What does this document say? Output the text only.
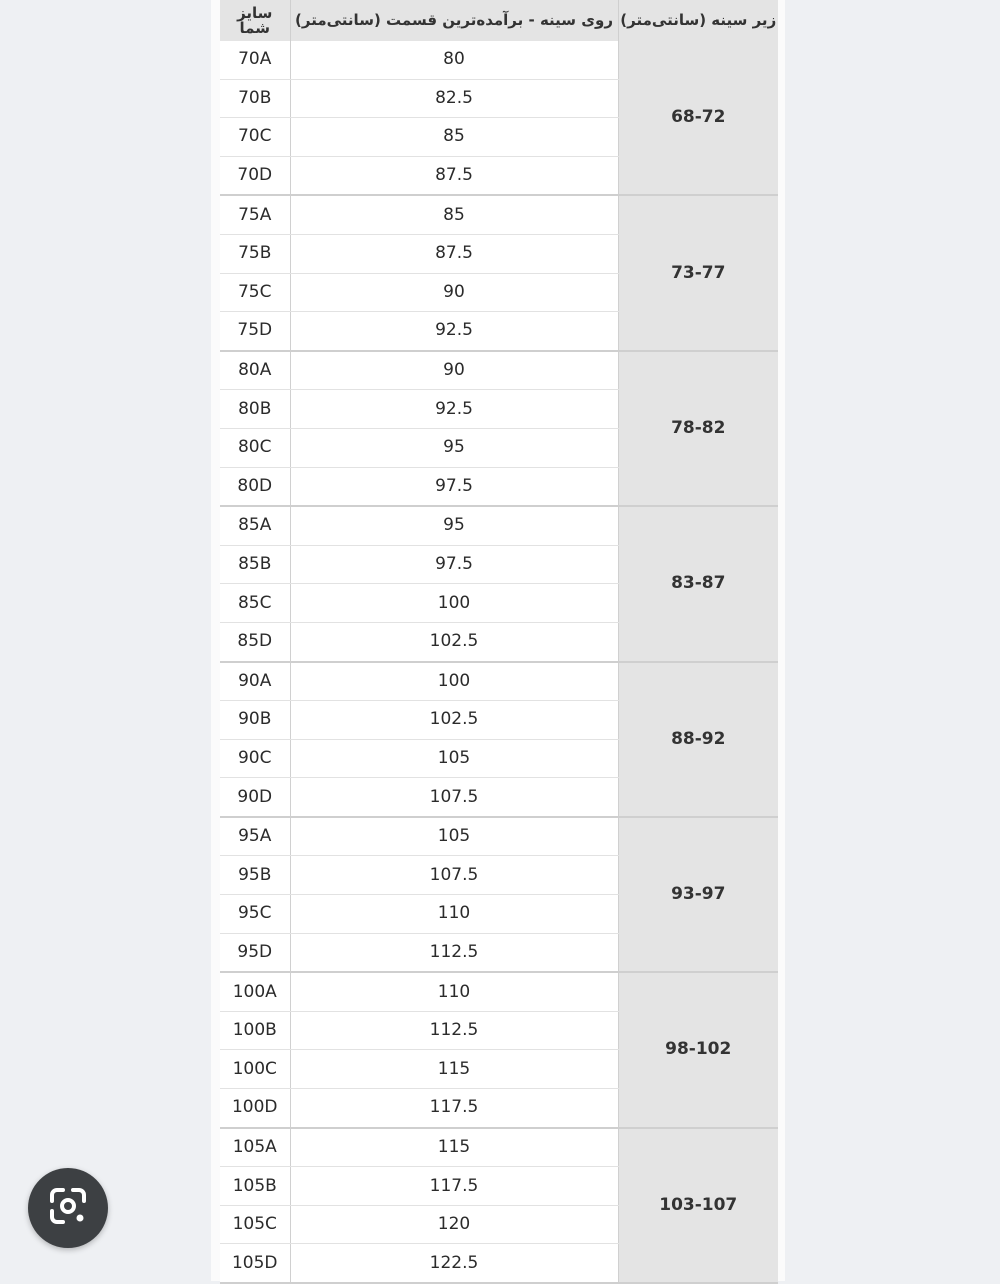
سایز شما	روی سینه - برآمده‌ترین قسمت (سانتی‌متر)	زیر سینه (سانتی‌متر)
70A	80	68-72
70B	82.5	
70C	85	
70D	87.5	
75A	85	73-77
75B	87.5	
75C	90	
75D	92.5	
80A	90	78-82
80B	92.5	
80C	95	
80D	97.5	
85A	95	83-87
85B	97.5	
85C	100	
85D	102.5	
90A	100	88-92
90B	102.5	
90C	105	
90D	107.5	
95A	105	93-97
95B	107.5	
95C	110	
95D	112.5	
100A	110	98-102
100B	112.5	
100C	115	
100D	117.5	
105A	115	103-107
105B	117.5	
105C	120	
105D	122.5	
